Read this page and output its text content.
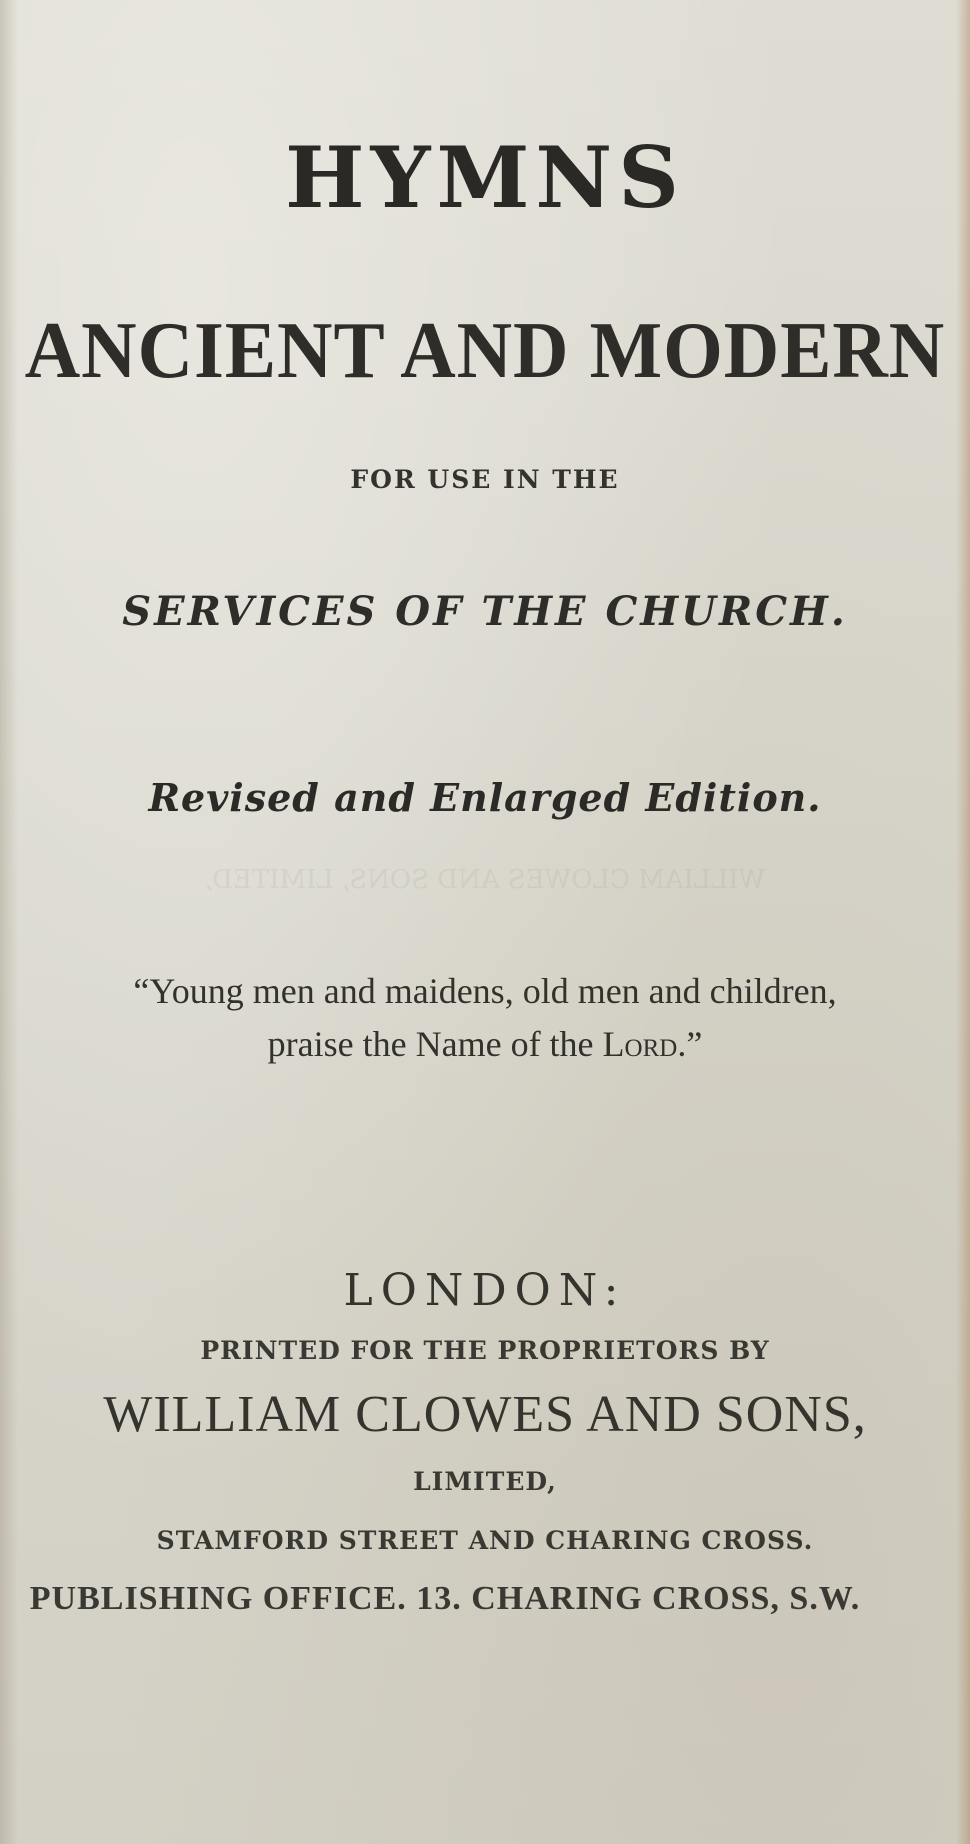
WILLIAM CLOWES AND SONS, LIMITED,
HYMNS
ANCIENT AND MODERN

FOR USE IN THE

SERVICES OF THE CHURCH.

Revised and Enlarged Edition.

“Young men and maidens, old men and children,

praise the Name of the Lord.”

LONDON:

PRINTED FOR THE PROPRIETORS BY

WILLIAM CLOWES AND SONS,

LIMITED,

STAMFORD STREET AND CHARING CROSS.

PUBLISHING OFFICE. 13. CHARING CROSS, S.W.
